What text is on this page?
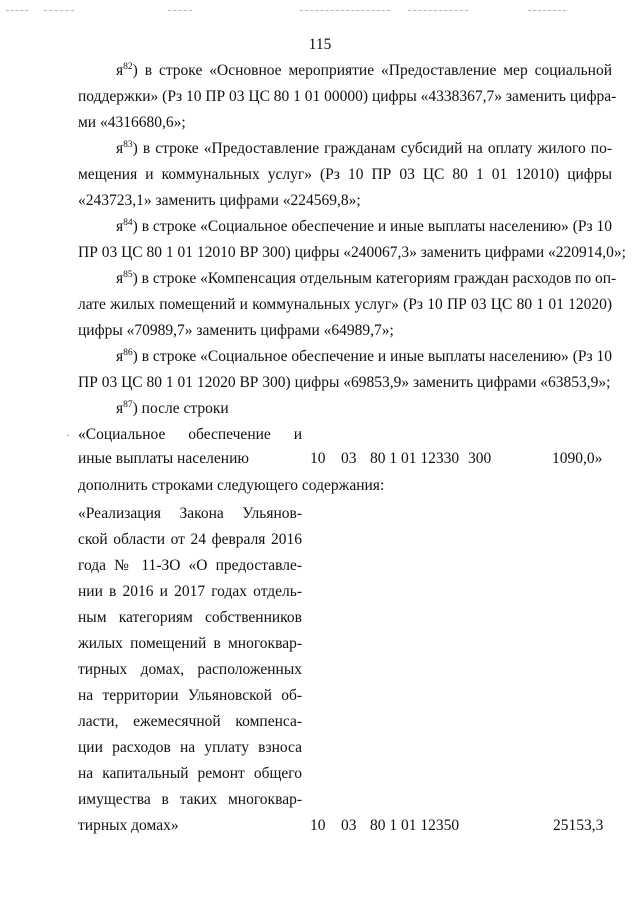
115
$я^{82}$) в строке «Основное мероприятие «Предоставление мер социальной
поддержки» (Рз 10 ПР 03 ЦС 80 1 01 00000) цифры «4338367,7» заменить цифра-
ми «4316680,6»;
$я^{83}$) в строке «Предоставление гражданам субсидий на оплату жилого по-
мещения и коммунальных услуг» (Рз 10 ПР 03 ЦС 80 1 01 12010) цифры
«243723,1» заменить цифрами «224569,8»;
$я^{84}$) в строке «Социальное обеспечение и иные выплаты населению» (Рз 10
ПР 03 ЦС 80 1 01 12010 ВР 300) цифры «240067,3» заменить цифрами «220914,0»;
$я^{85}$) в строке «Компенсация отдельным категориям граждан расходов по оп-
лате жилых помещений и коммунальных услуг» (Рз 10 ПР 03 ЦС 80 1 01 12020)
цифры «70989,7» заменить цифрами «64989,7»;
$я^{86}$) в строке «Социальное обеспечение и иные выплаты населению» (Рз 10
ПР 03 ЦС 80 1 01 12020 ВР 300) цифры «69853,9» заменить цифрами «63853,9»;
$я^{87}$) после строки
· «Социальное обеспечение и
иные выплаты населению	10 03 80 1 01 12330 300	1090,0»
дополнить строками следующего содержания:
«Реализация Закона Ульянов-
ской области от 24 февраля 2016
года № 11-ЗО «О предоставле-
нии в 2016 и 2017 годах отдель-
ным категориям собственников
жилых помещений в многоквар-
тирных домах, расположенных
на территории Ульяновской об-
ласти, ежемесячной компенса-
ции расходов на уплату взноса
на капитальный ремонт общего
имущества в таких многоквар-
тирных домах»	10 03 80 1 01 12350	25153,3
